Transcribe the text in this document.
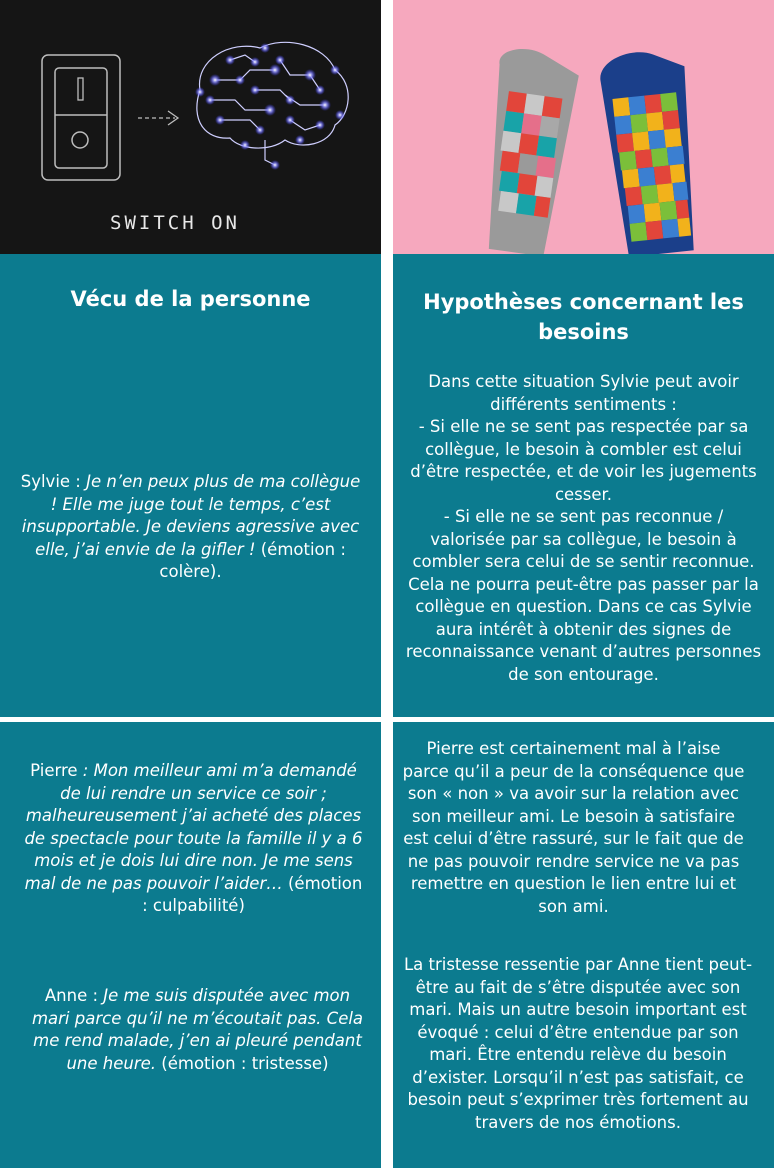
SWITCH ON
Vécu de la personne
Sylvie : Je n’en peux plus de ma collègue ! Elle me juge tout le temps, c’est insupportable. Je deviens agressive avec elle, j’ai envie de la gifler ! (émotion : colère).
Hypothèses concernant les besoins
Dans cette situation Sylvie peut avoir différents sentiments :
- Si elle ne se sent pas respectée par sa collègue, le besoin à combler est celui d’être respectée, et de voir les jugements cesser.
- Si elle ne se sent pas reconnue / valorisée par sa collègue, le besoin à combler sera celui de se sentir reconnue. Cela ne pourra peut-être pas passer par la collègue en question. Dans ce cas Sylvie aura intérêt à obtenir des signes de reconnaissance venant d’autres personnes de son entourage.
Pierre : Mon meilleur ami m’a demandé de lui rendre un service ce soir ; malheureusement j’ai acheté des places de spectacle pour toute la famille il y a 6 mois et je dois lui dire non. Je me sens mal de ne pas pouvoir l’aider… (émotion : culpabilité)
Anne : Je me suis disputée avec mon mari parce qu’il ne m’écoutait pas. Cela me rend malade, j’en ai pleuré pendant une heure. (émotion : tristesse)
Pierre est certainement mal à l’aise parce qu’il a peur de la conséquence que son « non » va avoir sur la relation avec son meilleur ami. Le besoin à satisfaire est celui d’être rassuré, sur le fait que de ne pas pouvoir rendre service ne va pas remettre en question le lien entre lui et son ami.
La tristesse ressentie par Anne tient peut-être au fait de s’être disputée avec son mari. Mais un autre besoin important est évoqué : celui d’être entendue par son mari. Être entendu relève du besoin d’exister. Lorsqu’il n’est pas satisfait, ce besoin peut s’exprimer très fortement au travers de nos émotions.
